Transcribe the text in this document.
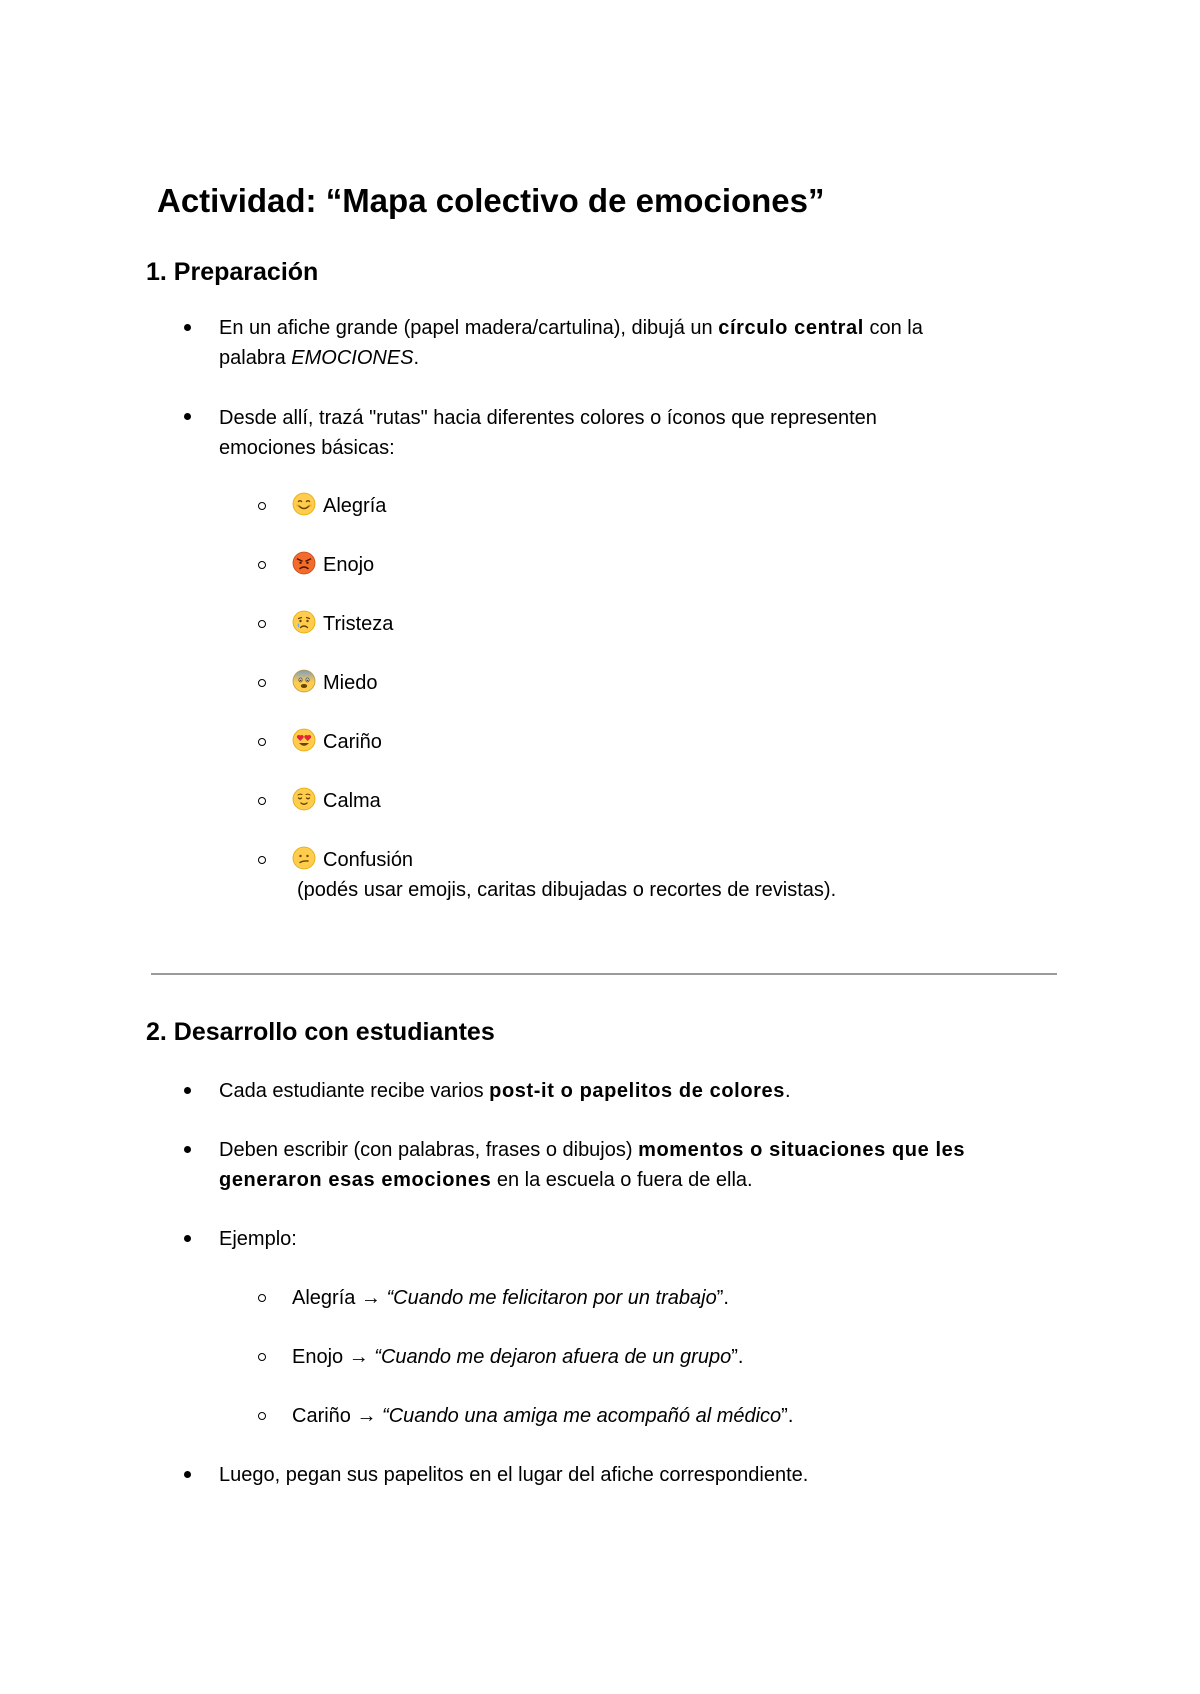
Actividad: “Mapa colectivo de emociones”
1. Preparación
En un afiche grande (papel madera/cartulina), dibujá un círculo central con la
palabra EMOCIONES.
Desde allí, trazá "rutas" hacia diferentes colores o íconos que representen
emociones básicas:
Alegría
Enojo
Tristeza
Miedo
Cariño
Calma
Confusión
(podés usar emojis, caritas dibujadas o recortes de revistas).
2. Desarrollo con estudiantes
Cada estudiante recibe varios post-it o papelitos de colores.
Deben escribir (con palabras, frases o dibujos) momentos o situaciones que les
generaron esas emociones en la escuela o fuera de ella.
Ejemplo:
Alegría → “Cuando me felicitaron por un trabajo”.
Enojo → “Cuando me dejaron afuera de un grupo”.
Cariño → “Cuando una amiga me acompañó al médico”.
Luego, pegan sus papelitos en el lugar del afiche correspondiente.
